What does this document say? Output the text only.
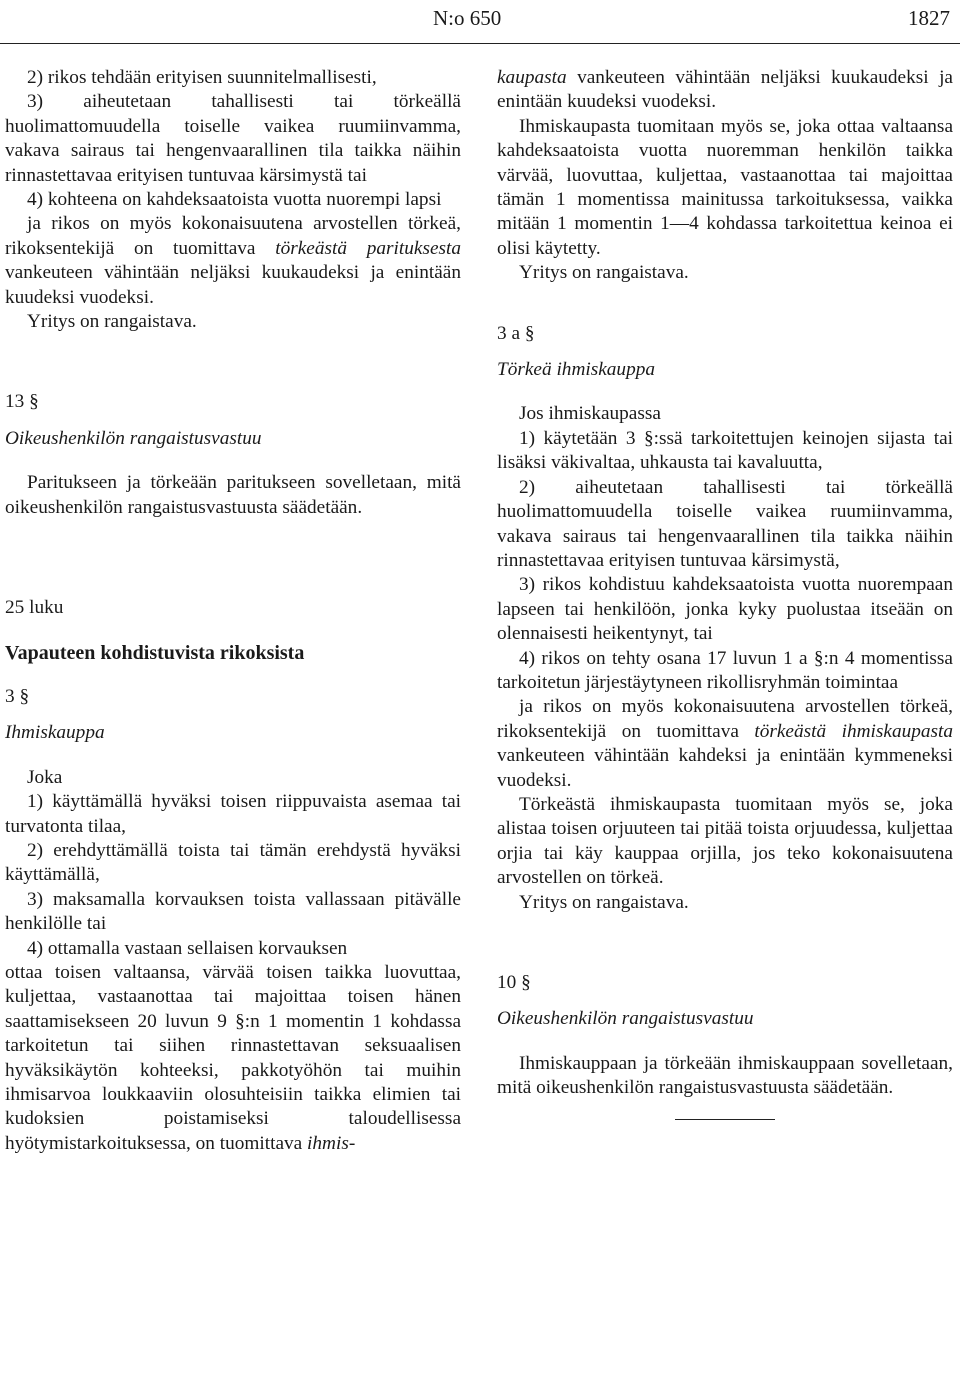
N:o 650	1827

2) rikos tehdään erityisen suunnitelmallisesti,

3) aiheutetaan tahallisesti tai törkeällä huolimattomuudella toiselle vaikea ruumiinvamma, vakava sairaus tai hengenvaarallinen tila taikka näihin rinnastettavaa erityisen tuntuvaa kärsimystä tai

4) kohteena on kahdeksaatoista vuotta nuorempi lapsi

ja rikos on myös kokonaisuutena arvostellen törkeä, rikoksentekijä on tuomittava törkeästä parituksesta vankeuteen vähintään neljäksi kuukaudeksi ja enintään kuudeksi vuodeksi.

Yritys on rangaistava.

13 §

Oikeushenkilön rangaistusvastuu

Paritukseen ja törkeään paritukseen sovelletaan, mitä oikeushenkilön rangaistusvastuusta säädetään.

25 luku

Vapauteen kohdistuvista rikoksista

3 §

Ihmiskauppa

Joka

1) käyttämällä hyväksi toisen riippuvaista asemaa tai turvatonta tilaa,

2) erehdyttämällä toista tai tämän erehdystä hyväksi käyttämällä,

3) maksamalla korvauksen toista vallassaan pitävälle henkilölle tai

4) ottamalla vastaan sellaisen korvauksen

ottaa toisen valtaansa, värvää toisen taikka luovuttaa, kuljettaa, vastaanottaa tai majoittaa toisen hänen saattamisekseen 20 luvun 9 §:n 1 momentin 1 kohdassa tarkoitetun tai siihen rinnastettavan seksuaalisen hyväksikäytön kohteeksi, pakkotyöhön tai muihin ihmisarvoa loukkaaviin olosuhteisiin taikka elimien tai kudoksien poistamiseksi taloudellisessa hyötymistarkoituksessa, on tuomittava ihmis-

kaupasta vankeuteen vähintään neljäksi kuukaudeksi ja enintään kuudeksi vuodeksi.

Ihmiskaupasta tuomitaan myös se, joka ottaa valtaansa kahdeksaatoista vuotta nuoremman henkilön taikka värvää, luovuttaa, kuljettaa, vastaanottaa tai majoittaa tämän 1 momentissa mainitussa tarkoituksessa, vaikka mitään 1 momentin 1—4 kohdassa tarkoitettua keinoa ei olisi käytetty.

Yritys on rangaistava.

3 a §

Törkeä ihmiskauppa

Jos ihmiskaupassa

1) käytetään 3 §:ssä tarkoitettujen keinojen sijasta tai lisäksi väkivaltaa, uhkausta tai kavaluutta,

2) aiheutetaan tahallisesti tai törkeällä huolimattomuudella toiselle vaikea ruumiinvamma, vakava sairaus tai hengenvaarallinen tila taikka näihin rinnastettavaa erityisen tuntuvaa kärsimystä,

3) rikos kohdistuu kahdeksaatoista vuotta nuorempaan lapseen tai henkilöön, jonka kyky puolustaa itseään on olennaisesti heikentynyt, tai

4) rikos on tehty osana 17 luvun 1 a §:n 4 momentissa tarkoitetun järjestäytyneen rikollisryhmän toimintaa

ja rikos on myös kokonaisuutena arvostellen törkeä, rikoksentekijä on tuomittava törkeästä ihmiskaupasta vankeuteen vähintään kahdeksi ja enintään kymmeneksi vuodeksi.

Törkeästä ihmiskaupasta tuomitaan myös se, joka alistaa toisen orjuuteen tai pitää toista orjuudessa, kuljettaa orjia tai käy kauppaa orjilla, jos teko kokonaisuutena arvostellen on törkeä.

Yritys on rangaistava.

10 §

Oikeushenkilön rangaistusvastuu

Ihmiskauppaan ja törkeään ihmiskauppaan sovelletaan, mitä oikeushenkilön rangaistusvastuusta säädetään.
